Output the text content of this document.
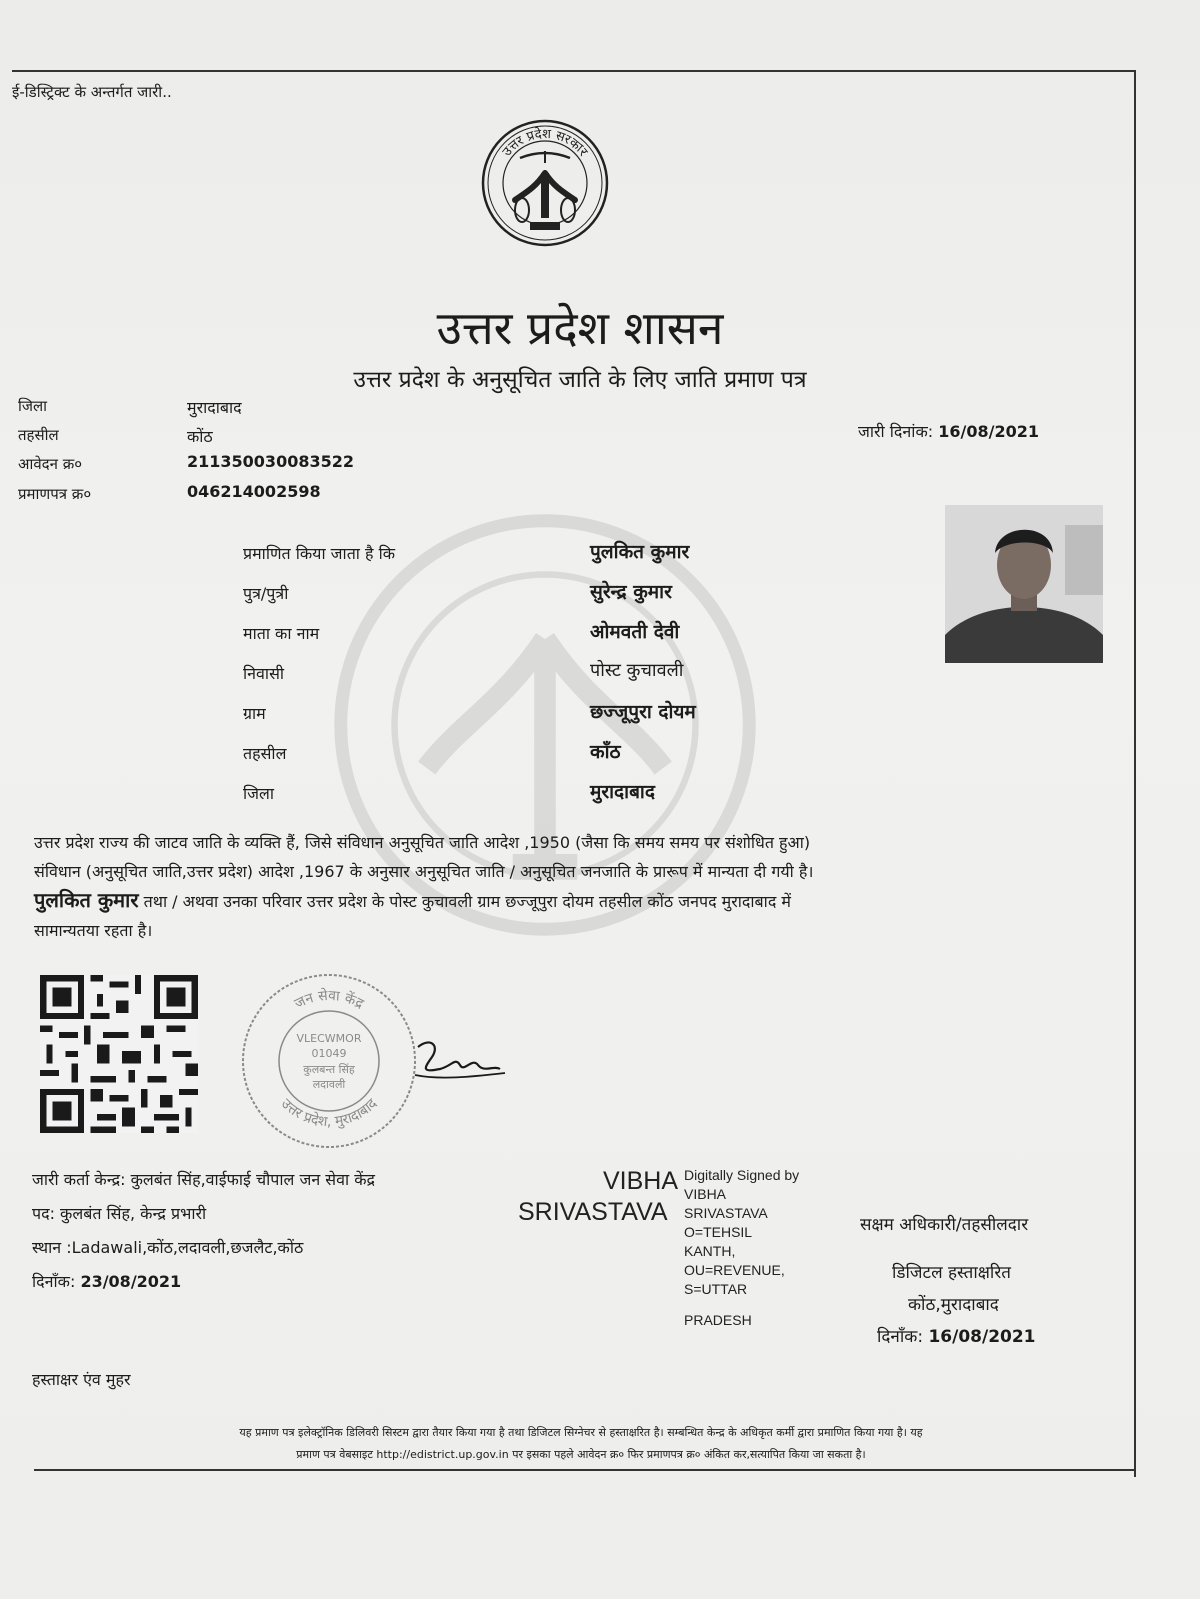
ई-डिस्ट्रिक्ट के अन्तर्गत जारी..
उत्तर प्रदेश सरकार
उत्तर प्रदेश शासन
उत्तर प्रदेश के अनुसूचित जाति के लिए जाति प्रमाण पत्र
जिला	मुरादाबाद
तहसील	कोंठ
आवेदन क्र०	211350030083522
प्रमाणपत्र क्र०	046214002598
जारी दिनांक: 16/08/2021
प्रमाणित किया जाता है कि	पुलकित कुमार
पुत्र/पुत्री	सुरेन्द्र कुमार
माता का नाम	ओमवती देवी
निवासी	पोस्ट कुचावली
ग्राम	छज्जूपुरा दोयम
तहसील	कॉंठ
जिला	मुरादाबाद
उत्तर प्रदेश राज्य की जाटव जाति के व्यक्ति हैं, जिसे संविधान अनुसूचित जाति आदेश ,1950 (जैसा कि समय समय पर संशोधित हुआ)
संविधान (अनुसूचित जाति,उत्तर प्रदेश) आदेश ,1967 के अनुसार अनुसूचित जाति / अनुसूचित जनजाति के प्रारूप में मान्यता दी गयी है।
पुलकित कुमार तथा / अथवा उनका परिवार उत्तर प्रदेश के पोस्ट कुचावली ग्राम छज्जूपुरा दोयम तहसील कोंठ जनपद मुरादाबाद में
सामान्यतया रहता है।
जन सेवा केंद्र
उत्तर प्रदेश, मुरादाबाद
VLECWMOR
01049
कुलबन्त सिंह
लदावली
जारी कर्ता केन्द्र: कुलबंत सिंह,वाईफाई चौपाल जन सेवा केंद्र
पद: कुलबंत सिंह, केन्द्र प्रभारी
स्थान :Ladawali,कोंठ,लदावली,छजलैट,कोंठ
दिनाँक: 23/08/2021
हस्ताक्षर एंव मुहर
VIBHA
SRIVASTAVA
Digitally Signed by
VIBHA
SRIVASTAVA
O=TEHSIL
KANTH,
OU=REVENUE,
S=UTTAR
PRADESH
सक्षम अधिकारी/तहसीलदार
डिजिटल हस्ताक्षरित
कोंठ,मुरादाबाद
दिनाँक: 16/08/2021
यह प्रमाण पत्र इलेक्ट्रॉनिक डिलिवरी सिस्टम द्वारा तैयार किया गया है तथा डिजिटल सिग्नेचर से हस्ताक्षरित है। सम्बन्धित केन्द्र के अधिकृत कर्मी द्वारा प्रमाणित किया गया है। यह
प्रमाण पत्र वेबसाइट http://edistrict.up.gov.in पर इसका पहले आवेदन क्र० फिर प्रमाणपत्र क्र० अंकित कर,सत्यापित किया जा सकता है।
